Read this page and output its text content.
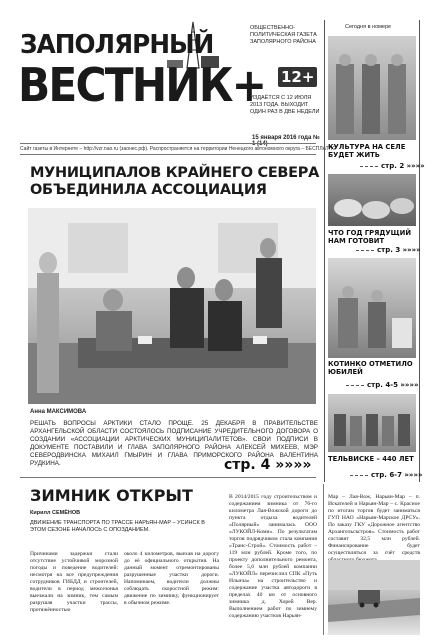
ЗАПОЛЯРНЫЙ
ВЕСТНИК+
ОБЩЕСТВЕННО-ПОЛИТИЧЕСКАЯ ГАЗЕТА ЗАПОЛЯРНОГО РАЙОНА
12+
ИЗДАЁТСЯ С 12 ИЮЛЯ 2013 ГОДА. ВЫХОДИТ ОДИН РАЗ В ДВЕ НЕДЕЛИ
15 января 2016 года № 1 (14)
Сайт газеты в Интернете – http://vzr.nao.ru (заонес.рф). Распространяется на территории Ненецкого автономного округа – БЕСПЛАТНО
МУНИЦИПАЛОВ КРАЙНЕГО СЕВЕРА ОБЪЕДИНИЛА АССОЦИАЦИЯ
Анна МАКСИМОВА

РЕШАТЬ ВОПРОСЫ АРКТИКИ СТАЛО ПРОЩЕ. 25 ДЕКАБРЯ В ПРАВИТЕЛЬСТВЕ АРХАНГЕЛЬСКОЙ ОБЛАСТИ СОСТОЯЛОСЬ ПОДПИСАНИЕ УЧРЕДИТЕЛЬНОГО ДОГОВОРА О СОЗДАНИИ «АССОЦИАЦИИ АРКТИЧЕСКИХ МУНИЦИПАЛИТЕТОВ». СВОИ ПОДПИСИ В ДОКУМЕНТЕ ПОСТАВИЛИ И ГЛАВА ЗАПОЛЯРНОГО РАЙОНА АЛЕКСЕЙ МИХЕЕВ, МЭР СЕВЕРОДВИНСКА МИХАИЛ ГМЫРИН И ГЛАВА ПРИМОРСКОГО РАЙОНА ВАЛЕНТИНА РУДКИНА.	стр. 4 »»»»
ЗИМНИК ОТКРЫТ
Кирилл СЕМЁНОВ

ДВИЖЕНИЕ ТРАНСПОРТА ПО ТРАССЕ НАРЬЯН-МАР – УСИНСК В ЭТОМ СЕЗОНЕ НАЧАЛОСЬ С ОПОЗДАНИЕМ.

Причинами задержки стали отсутствие устойчивой морозной погоды и поведение водителей: несмотря на все предупреждения сотрудников ГИБДД и строителей, водители в период межсезонья выезжали на зимник, тем самым разрушая участки трассы, протяжённостью

около 4 километров, выехав на дорогу до её официального открытия. На данный момент отремонтированы разрушенные участки дороги. Напоминаем, водители должны соблюдать скоростной режим: движение по зимнику, функционирует в обычном режиме.

В 2014/2015 году строительством и содержанием зимника от 76-го километра Лая-Вожской дороги до пункта отдыха водителей «Полярный» занималась ООО «ЛУКОЙЛ-Коми». По результатам торгов подрядчиком стала компания «Транс-Строй». Стоимость работ – 119 млн рублей. Кроме того, по проекту дополнительного ремонта, более 5,6 млн рублей компании «ЛУКОЙЛ» перечислил СПК «Путь Ильича» на строительство и содержание участка автодороги в пределах 40 км от основного зимника д. Хорей Вер. Выполнением работ по зимнему содержанию участков Нарьян-

Мар – Лая-Вож, Нарьян-Мар – п. Искателей и Нарьян-Мар – с. Красное по итогам торгов будет заниматься ГУП НАО «Нарьян-Марское ДРСУ». По заказу ГКУ «Дорожное агентство Архангельскстроя». Стоимость работ составит 32,5 млн рублей. Финансирование будет осуществляться за счёт средств

Сегодня в номере
КУЛЬТУРА НА СЕЛЕ БУДЕТ ЖИТЬ
стр. 2 »»»»
ЧТО ГОД ГРЯДУЩИЙ НАМ ГОТОВИТ
стр. 3 »»»»
КОТИНКО ОТМЕТИЛО ЮБИЛЕЙ
стр. 4-5 »»»»
ТЕЛЬВИСКЕ – 440 ЛЕТ
стр. 6-7 »»»»
